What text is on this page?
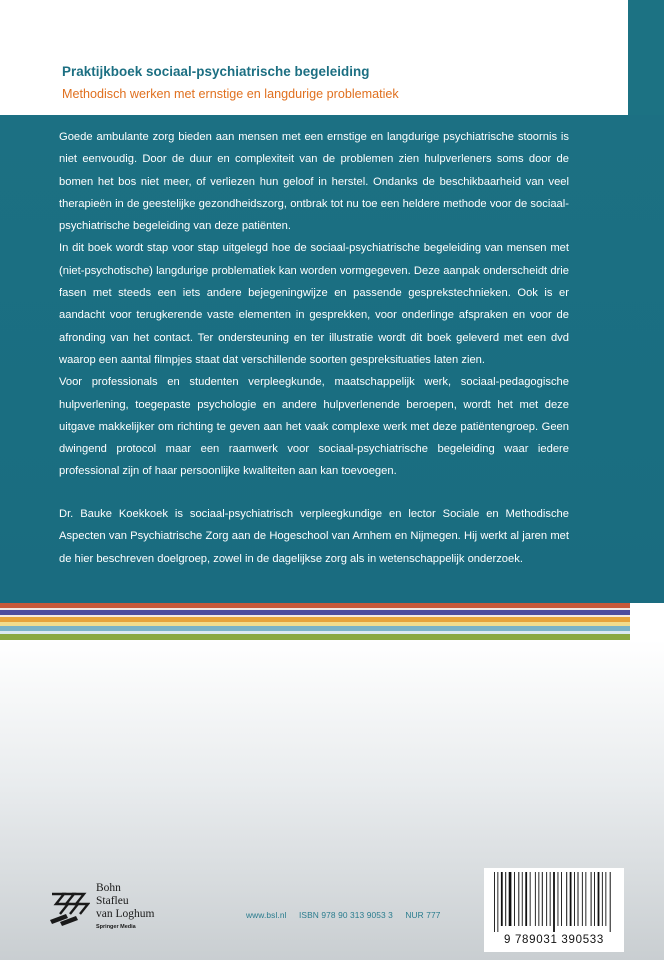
Praktijkboek sociaal-psychiatrische begeleiding
Methodisch werken met ernstige en langdurige problematiek

Goede ambulante zorg bieden aan mensen met een ernstige en langdurige psychiatrische stoornis is niet eenvoudig. Door de duur en complexiteit van de problemen zien hulpverleners soms door de bomen het bos niet meer, of verliezen hun geloof in herstel. Ondanks de beschikbaarheid van veel therapieën in de geestelijke gezondheidszorg, ontbrak tot nu toe een heldere methode voor de sociaal-psychiatrische begeleiding van deze patiënten.

In dit boek wordt stap voor stap uitgelegd hoe de sociaal-psychiatrische begeleiding van mensen met (niet-psychotische) langdurige problematiek kan worden vormgegeven. Deze aanpak onderscheidt drie fasen met steeds een iets andere bejegeningwijze en passende gesprekstechnieken. Ook is er aandacht voor terugkerende vaste elementen in gesprekken, voor onderlinge afspraken en voor de afronding van het contact. Ter ondersteuning en ter illustratie wordt dit boek geleverd met een dvd waarop een aantal filmpjes staat dat verschillende soorten gespreksituaties laten zien.

Voor professionals en studenten verpleegkunde, maatschappelijk werk, sociaal-pedagogische hulpverlening, toegepaste psychologie en andere hulpverlenende beroepen, wordt het met deze uitgave makkelijker om richting te geven aan het vaak complexe werk met deze patiëntengroep. Geen dwingend protocol maar een raamwerk voor sociaal-psychiatrische begeleiding waar iedere professional zijn of haar persoonlijke kwaliteiten aan kan toevoegen.

Dr. Bauke Koekkoek is sociaal-psychiatrisch verpleegkundige en lector Sociale en Methodische Aspecten van Psychiatrische Zorg aan de Hogeschool van Arnhem en Nijmegen. Hij werkt al jaren met de hier beschreven doelgroep, zowel in de dagelijkse zorg als in wetenschappelijk onderzoek.
Bohn
Stafleu
van Loghum
Springer Media
www.bsl.nl ISBN 978 90 313 9053 3 NUR 777
9 789031 390533
